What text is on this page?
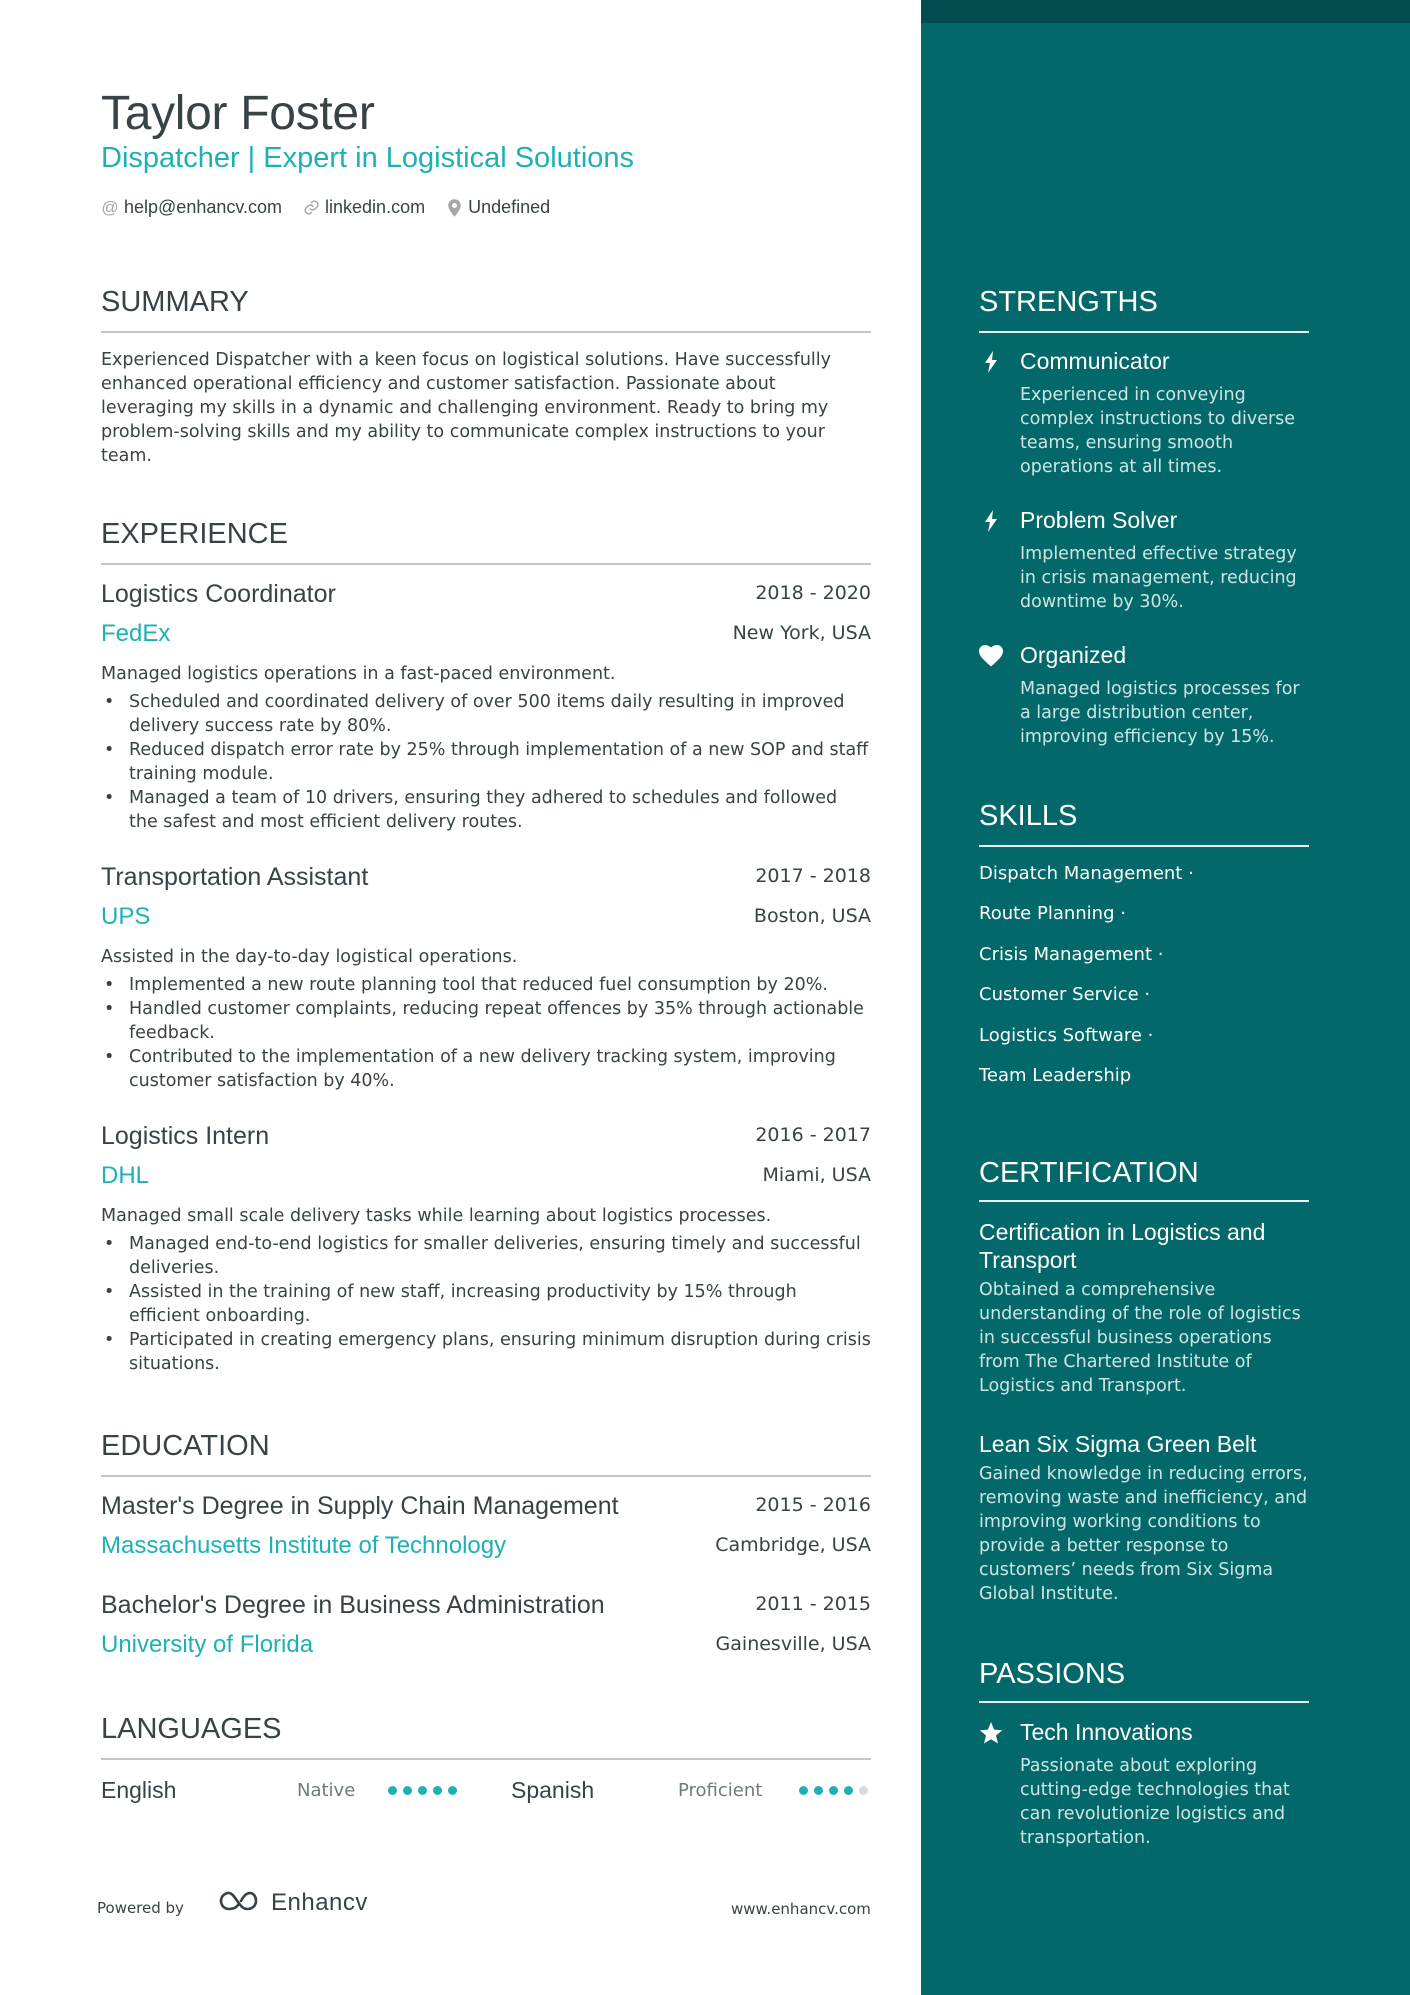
Taylor Foster
Dispatcher | Expert in Logistical Solutions
@ help@enhancv.com linkedin.com Undefined
SUMMARY
Experienced Dispatcher with a keen focus on logistical solutions. Have successfully enhanced operational efficiency and customer satisfaction. Passionate about leveraging my skills in a dynamic and challenging environment. Ready to bring my problem-solving skills and my ability to communicate complex instructions to your team.
EXPERIENCE
Logistics Coordinator	2018 - 2020
FedEx	New York, USA
Managed logistics operations in a fast-paced environment.
• Scheduled and coordinated delivery of over 500 items daily resulting in improved delivery success rate by 80%.
• Reduced dispatch error rate by 25% through implementation of a new SOP and staff training module.
• Managed a team of 10 drivers, ensuring they adhered to schedules and followed the safest and most efficient delivery routes.
Transportation Assistant	2017 - 2018
UPS	Boston, USA
Assisted in the day-to-day logistical operations.
• Implemented a new route planning tool that reduced fuel consumption by 20%.
• Handled customer complaints, reducing repeat offences by 35% through actionable feedback.
• Contributed to the implementation of a new delivery tracking system, improving customer satisfaction by 40%.
Logistics Intern	2016 - 2017
DHL	Miami, USA
Managed small scale delivery tasks while learning about logistics processes.
• Managed end-to-end logistics for smaller deliveries, ensuring timely and successful deliveries.
• Assisted in the training of new staff, increasing productivity by 15% through efficient onboarding.
• Participated in creating emergency plans, ensuring minimum disruption during crisis situations.
EDUCATION
Master's Degree in Supply Chain Management	2015 - 2016
Massachusetts Institute of Technology	Cambridge, USA
Bachelor's Degree in Business Administration	2011 - 2015
University of Florida	Gainesville, USA
LANGUAGES
English	Native	Spanish	Proficient
Powered by	Enhancv	www.enhancv.com
STRENGTHS
Communicator
Experienced in conveying complex instructions to diverse teams, ensuring smooth operations at all times.
Problem Solver
Implemented effective strategy in crisis management, reducing downtime by 30%.
Organized
Managed logistics processes for a large distribution center, improving efficiency by 15%.
SKILLS
Dispatch Management ·
Route Planning ·
Crisis Management ·
Customer Service ·
Logistics Software ·
Team Leadership
CERTIFICATION
Certification in Logistics and Transport
Obtained a comprehensive understanding of the role of logistics in successful business operations from The Chartered Institute of Logistics and Transport.
Lean Six Sigma Green Belt
Gained knowledge in reducing errors, removing waste and inefficiency, and improving working conditions to provide a better response to customers’ needs from Six Sigma Global Institute.
PASSIONS
Tech Innovations
Passionate about exploring cutting-edge technologies that can revolutionize logistics and transportation.
